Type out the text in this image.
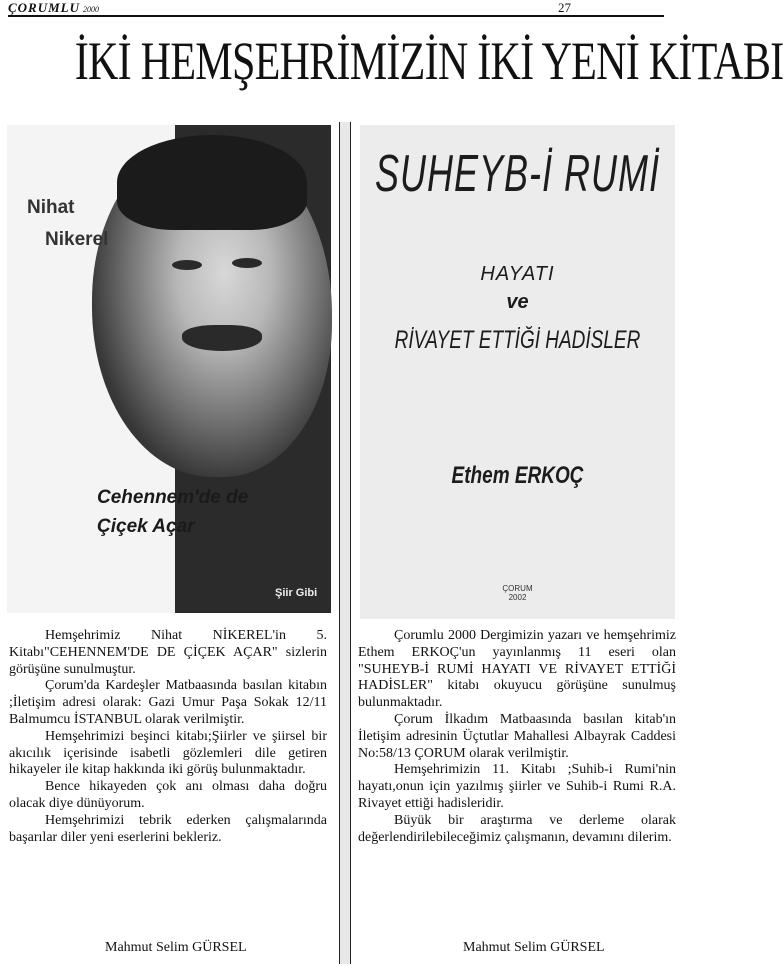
ÇORUMLU 2000	27
İKİ HEMŞEHRİMİZİN İKİ YENİ KİTABI
Nihat
Nikerel
Cehennem'de de
Çiçek Açar
Şiir Gibi
SUHEYB-İ RUMİ
HAYATI
ve
RİVAYET ETTİĞİ HADİSLER
Ethem ERKOÇ
ÇORUM
2002

Hemşehrimiz Nihat NİKEREL'in 5. Kitabı"CEHENNEM'DE DE ÇİÇEK AÇAR" sizlerin görüşüne sunulmuştur.

Çorum'da Kardeşler Matbaasında basılan kitabın ;İletişim adresi olarak: Gazi Umur Paşa Sokak 12/11 Balmumcu İSTANBUL olarak verilmiştir.

Hemşehrimizi beşinci kitabı;Şiirler ve şiirsel bir akıcılık içerisinde isabetli gözlemleri dile getiren hikayeler ile kitap hakkında iki görüş bulunmaktadır.

Bence hikayeden çok anı olması daha doğru olacak diye dünüyorum.

Hemşehrimizi tebrik ederken çalışmalarında başarılar diler yeni eserlerini bekleriz.

Mahmut Selim GÜRSEL

Çorumlu 2000 Dergimizin yazarı ve hemşehrimiz Ethem ERKOÇ'un yayınlanmış 11 eseri olan "SUHEYB-İ RUMİ HAYATI VE RİVAYET ETTİĞİ HADİSLER" kitabı okuyucu görüşüne sunulmuş bulunmaktadır.

Çorum İlkadım Matbaasında basılan kitab'ın İletişim adresinin Üçtutlar Mahallesi Albayrak Caddesi No:58/13 ÇORUM olarak verilmiştir.

Hemşehrimizin 11. Kitabı ;Suhib-i Rumi'nin hayatı,onun için yazılmış şiirler ve Suhib-i Rumi R.A. Rivayet ettiği hadisleridir.

Büyük bir araştırma ve derleme olarak değerlendirilebileceğimiz çalışmanın, devamını dilerim.

Mahmut Selim GÜRSEL
